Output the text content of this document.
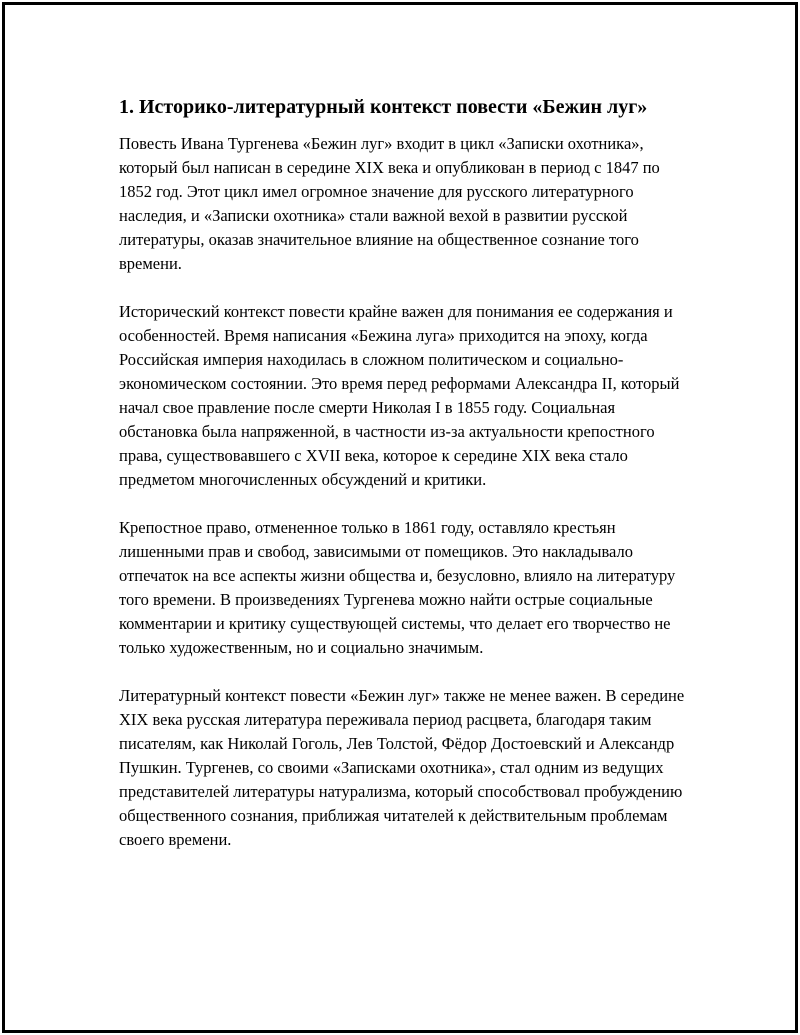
1. Историко-литературный контекст повести «Бежин луг»

Повесть Ивана Тургенева «Бежин луг» входит в цикл «Записки охотника», который был написан в середине XIX века и опубликован в период с 1847 по 1852 год. Этот цикл имел огромное значение для русского литературного наследия, и «Записки охотника» стали важной вехой в развитии русской литературы, оказав значительное влияние на общественное сознание того времени.

Исторический контекст повести крайне важен для понимания ее содержания и особенностей. Время написания «Бежина луга» приходится на эпоху, когда Российская империя находилась в сложном политическом и социально-экономическом состоянии. Это время перед реформами Александра II, который начал свое правление после смерти Николая I в 1855 году. Социальная обстановка была напряженной, в частности из-за актуальности крепостного права, существовавшего с XVII века, которое к середине XIX века стало предметом многочисленных обсуждений и критики.

Крепостное право, отмененное только в 1861 году, оставляло крестьян лишенными прав и свобод, зависимыми от помещиков. Это накладывало отпечаток на все аспекты жизни общества и, безусловно, влияло на литературу того времени. В произведениях Тургенева можно найти острые социальные комментарии и критику существующей системы, что делает его творчество не только художественным, но и социально значимым.

Литературный контекст повести «Бежин луг» также не менее важен. В середине XIX века русская литература переживала период расцвета, благодаря таким писателям, как Николай Гоголь, Лев Толстой, Фёдор Достоевский и Александр Пушкин. Тургенев, со своими «Записками охотника», стал одним из ведущих представителей литературы натурализма, который способствовал пробуждению общественного сознания, приближая читателей к действительным проблемам своего времени.
